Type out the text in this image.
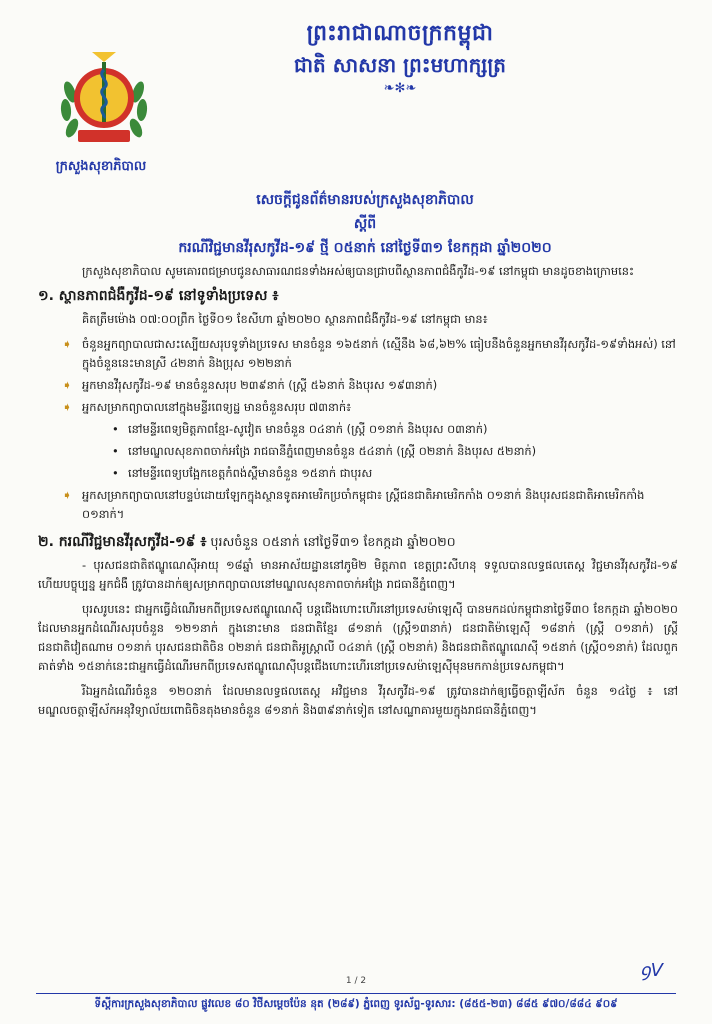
ព្រះរាជាណាចក្រកម្ពុជា
ជាតិ សាសនា ព្រះមហាក្សត្រ
❧✻❧
ក្រសួងសុខាភិបាល
សេចក្តីជូនព័ត៌មានរបស់ក្រសួងសុខាភិបាល
ស្តីពី
ករណីវិជ្ជមានវីរុសកូវីដ-១៩ ថ្មី ០៥នាក់ នៅថ្ងៃទី៣១ ខែកក្កដា ឆ្នាំ២០២០

ក្រសួងសុខាភិបាល សូមគោរពជម្រាបជូនសាធារណជនទាំងអស់ឲ្យបានជ្រាបពីស្ថានភាពជំងឺកូវីដ-១៩ នៅកម្ពុជា មានដូចខាងក្រោមនេះ

១. ស្ថានភាពជំងឺកូវីដ-១៩ នៅទូទាំងប្រទេស ៖

គិតត្រឹមម៉ោង ០៧:០០ព្រឹក ថ្ងៃទី០១ ខែសីហា ឆ្នាំ២០២០ ស្ថានភាពជំងឺកូវីដ-១៩ នៅកម្ពុជា មាន៖

➧ ចំនួនអ្នកព្យាបាលជាសះស្បើយសរុបទូទាំងប្រទេស មានចំនួន ១៦៥នាក់ (ស្មើនឹង ៦៨,៦២% ធៀបនឹងចំនួនអ្នកមានវីរុសកូវីដ-១៩ទាំងអស់) នៅក្នុងចំនួននេះមានស្រី ៤២នាក់ និងប្រុស ១២២នាក់
➧ អ្នកមានវីរុសកូវីដ-១៩ មានចំនួនសរុប ២៣៩នាក់ (ស្ត្រី ៥៦នាក់ និងបុរស ១៩៣នាក់)
➧ អ្នកសម្រាកព្យាបាលនៅក្នុងមន្ទីរពេទ្យដ្ឋ មានចំនួនសរុប ៧៣នាក់៖
• នៅមន្ទីរពេទ្យមិត្តភាពខ្មែរ-សូវៀត មានចំនួន ០៤នាក់ (ស្ត្រី ០១នាក់ និងបុរស ០៣នាក់)
• នៅមណ្ឌលសុខភាពចាក់អង្រែ រាជធានីភ្នំពេញមានចំនួន ៥៤នាក់ (ស្ត្រី ០២នាក់ និងបុរស ៥២នាក់)
• នៅមន្ទីរពេទ្យបង្អែកខេត្តកំពង់ស្ពឺមានចំនួន ១៥នាក់ ជាបុរស
➧ អ្នកសម្រាកព្យាបាលនៅបន្ទប់ដោយឡែកក្នុងស្ថានទូតអាមេរិកប្រចាំកម្ពុជា៖ ស្ត្រីជនជាតិអាមេរិកកាំង ០១នាក់ និងបុរសជនជាតិអាមេរិកកាំង ០១នាក់។
២. ករណីវិជ្ជមានវីរុសកូវីដ-១៩ ៖ បុរសចំនួន ០៥នាក់ នៅថ្ងៃទី៣១ ខែកក្កដា ឆ្នាំ២០២០

- បុរសជនជាតិឥណ្ឌូណេស៊ីអាយុ ១៨ឆ្នាំ មានអាស័យដ្ឋាននៅភូមិ២ មិត្តភាព ខេត្តព្រះសីហនុ ទទួលបានលទ្ធផលតេស្ត វិជ្ជមានវីរុសកូវីដ-១៩ ហើយបច្ចុប្បន្ន អ្នកជំងឺ ត្រូវបានដាក់ឲ្យសម្រាកព្យាបាលនៅមណ្ឌលសុខភាពចាក់អង្រែ រាជធានីភ្នំពេញ។

បុរសរូបនេះ ជាអ្នកធ្វើដំណើរមកពីប្រទេសឥណ្ឌូណេស៊ី បន្តជើងហោះហើរនៅប្រទេសម៉ាឡេស៊ី បានមកដល់កម្ពុជានាថ្ងៃទី៣០ ខែកក្កដា ឆ្នាំ២០២០ ដែលមានអ្នកដំណើរសរុបចំនួន ១២១នាក់ ក្នុងនោះមាន ជនជាតិខ្មែរ ៨១នាក់ (ស្ត្រី១៣នាក់) ជនជាតិម៉ាឡេស៊ី ១៨នាក់ (ស្ត្រី ០១នាក់) ស្ត្រីជនជាតិវៀតណាម ០១នាក់ បុរសជនជាតិចិន ០២នាក់ ជនជាតិអូស្ត្រាលី ០៤នាក់ (ស្ត្រី ០២នាក់) និងជនជាតិឥណ្ឌូណេស៊ី ១៥នាក់ (ស្ត្រី០១នាក់) ដែលពួកគាត់ទាំង ១៥នាក់នេះជាអ្នកធ្វើដំណើរមកពីប្រទេសឥណ្ឌូណេស៊ីបន្តជើងហោះហើរនៅប្រទេសម៉ាឡេស៊ីមុនមកកាន់ប្រទេសកម្ពុជា។

រីឯអ្នកដំណើរចំនួន ១២០នាក់ ដែលមានលទ្ធផលតេស្ត អវិជ្ជមាន វីរុសកូវីដ-១៩ ត្រូវបានដាក់ឲ្យធ្វើចត្តាឡីស័ក ចំនួន ១៤ថ្ងៃ ៖ នៅមណ្ឌលចត្តាឡីស័កអនុវិទ្យាល័យពោធិចិនតុងមានចំនួន ៨១នាក់ និង៣៩នាក់ទៀត នៅសណ្ឋាគារមួយក្នុងរាជធានីភ្នំពេញ។

1 / 2	ꝯV
ទីស្តីការក្រសួងសុខាភិបាល ផ្លូវលេខ ៨០ វិថីសម្តេចប៉ែន នុត (២៨៩) ភ្នំពេញ ទូរស័ព្ទ-ទូរសារ: (៨៥៥-២៣) ៨៨៥ ៩៧០/៨៨៤ ៩០៩
